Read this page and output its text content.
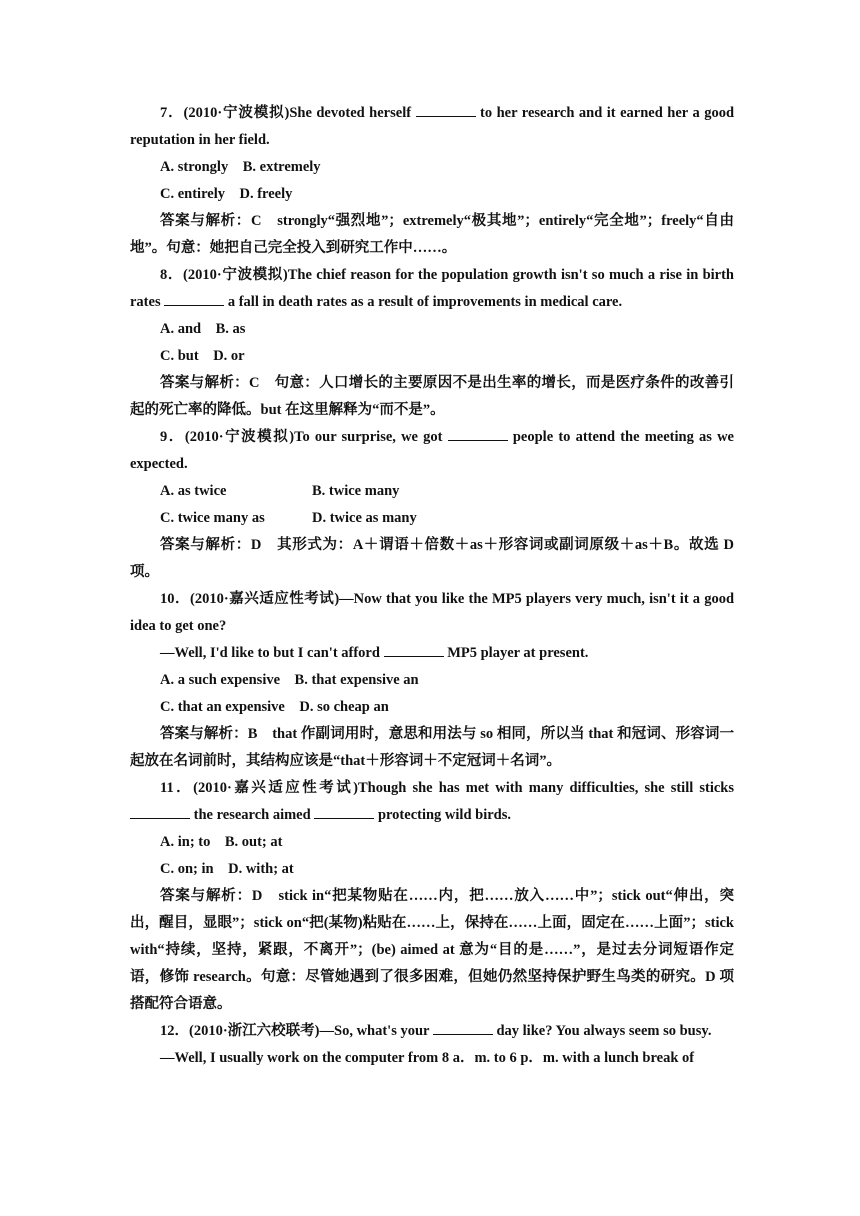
7．(2010·宁波模拟)She devoted herself	to her research and it earned her a good reputation in her field.

A. strongly　 B. extremely

C. entirely　 D. freely

答案与解析：C　strongly“强烈地”；extremely“极其地”；entirely“完全地”；freely“自由地”。句意：她把自己完全投入到研究工作中……。

8．(2010·宁波模拟)The chief reason for the population growth isn't so much a rise in birth rates	a fall in death rates as a result of improvements in medical care.

A. and　 B. as

C. but　 D. or

答案与解析：C　句意：人口增长的主要原因不是出生率的增长，而是医疗条件的改善引起的死亡率的降低。but 在这里解释为“而不是”。

9．(2010·宁波模拟)To our surprise, we got	people to attend the meeting as we expected.

A. as twice	B. twice many

C. twice many as	D. twice as many

答案与解析：D　其形式为：A＋谓语＋倍数＋as＋形容词或副词原级＋as＋B。故选 D 项。

10．(2010·嘉兴适应性考试)—Now that you like the MP5 players very much, isn't it a good idea to get one?

—Well, I'd like to but I can't afford	MP5 player at present.

A. a such expensive　 B. that expensive an

C. that an expensive　 D. so cheap an

答案与解析：B　that 作副词用时，意思和用法与 so 相同，所以当 that 和冠词、形容词一起放在名词前时，其结构应该是“that＋形容词＋不定冠词＋名词”。

11．(2010·嘉兴适应性考试)Though she has met with many difficulties, she still sticks  the research aimed	protecting wild birds.

A. in; to　 B. out; at

C. on; in　 D. with; at

答案与解析：D　stick in“把某物贴在……内，把……放入……中”；stick out“伸出，突出，醒目，显眼”；stick on“把(某物)粘贴在……上，保持在……上面，固定在……上面”；stick with“持续，坚持，紧跟，不离开”；(be) aimed at 意为“目的是……”，是过去分词短语作定语，修饰 research。句意：尽管她遇到了很多困难，但她仍然坚持保护野生鸟类的研究。D 项搭配符合语意。

12．(2010·浙江六校联考)—So, what's your	day like? You always seem so busy.

—Well, I usually work on the computer from 8 a．m. to 6 p．m. with a lunch break of
